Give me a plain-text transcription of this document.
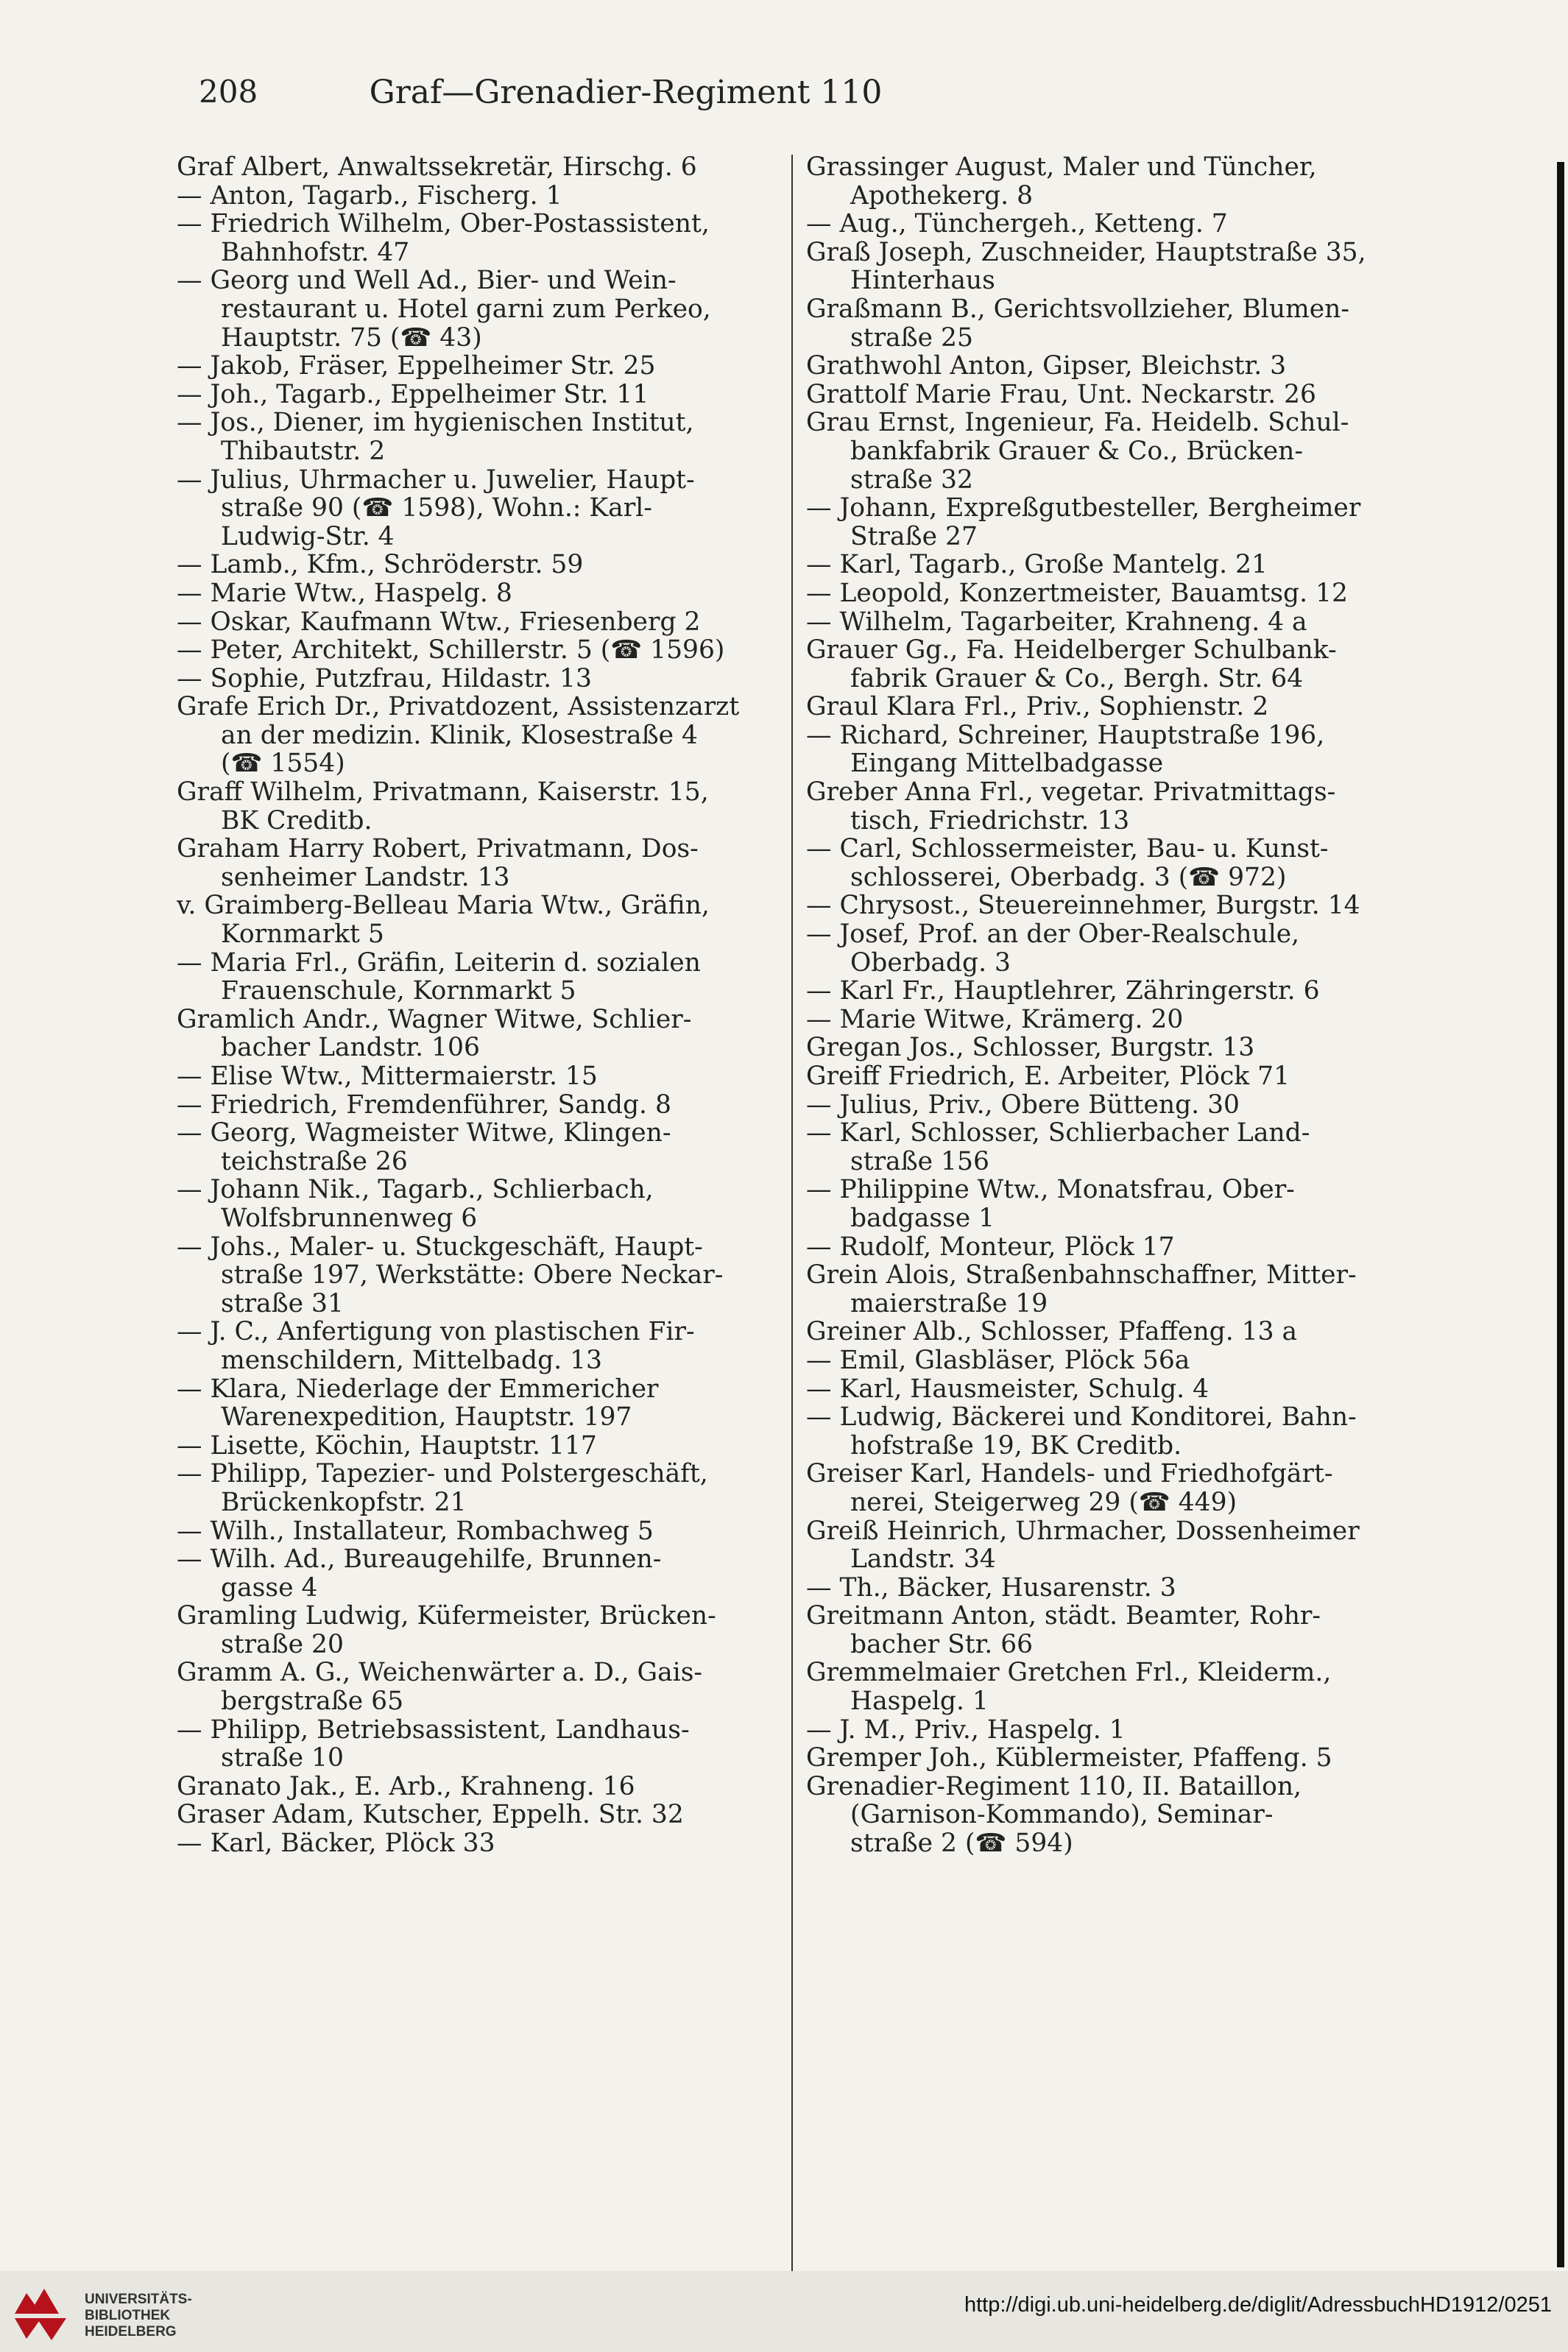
208	Graf—Grenadier-Regiment 110
Graf Albert, Anwaltssekretär, Hirschg. 6
— Anton, Tagarb., Fischerg. 1
— Friedrich Wilhelm, Ober-Postassistent,
Bahnhofstr. 47
— Georg und Well Ad., Bier- und Wein-
restaurant u. Hotel garni zum Perkeo,
Hauptstr. 75 (☎ 43)
— Jakob, Fräser, Eppelheimer Str. 25
— Joh., Tagarb., Eppelheimer Str. 11
— Jos., Diener, im hygienischen Institut,
Thibautstr. 2
— Julius, Uhrmacher u. Juwelier, Haupt-
straße 90 (☎ 1598), Wohn.: Karl-
Ludwig-Str. 4
— Lamb., Kfm., Schröderstr. 59
— Marie Wtw., Haspelg. 8
— Oskar, Kaufmann Wtw., Friesenberg 2
— Peter, Architekt, Schillerstr. 5 (☎ 1596)
— Sophie, Putzfrau, Hildastr. 13
Grafe Erich Dr., Privatdozent, Assistenzarzt
an der medizin. Klinik, Klosestraße 4
(☎ 1554)
Graff Wilhelm, Privatmann, Kaiserstr. 15,
BK Creditb.
Graham Harry Robert, Privatmann, Dos-
senheimer Landstr. 13
v. Graimberg-Belleau Maria Wtw., Gräfin,
Kornmarkt 5
— Maria Frl., Gräfin, Leiterin d. sozialen
Frauenschule, Kornmarkt 5
Gramlich Andr., Wagner Witwe, Schlier-
bacher Landstr. 106
— Elise Wtw., Mittermaierstr. 15
— Friedrich, Fremdenführer, Sandg. 8
— Georg, Wagmeister Witwe, Klingen-
teichstraße 26
— Johann Nik., Tagarb., Schlierbach,
Wolfsbrunnenweg 6
— Johs., Maler- u. Stuckgeschäft, Haupt-
straße 197, Werkstätte: Obere Neckar-
straße 31
— J. C., Anfertigung von plastischen Fir-
menschildern, Mittelbadg. 13
— Klara, Niederlage der Emmericher
Warenexpedition, Hauptstr. 197
— Lisette, Köchin, Hauptstr. 117
— Philipp, Tapezier- und Polstergeschäft,
Brückenkopfstr. 21
— Wilh., Installateur, Rombachweg 5
— Wilh. Ad., Bureaugehilfe, Brunnen-
gasse 4
Gramling Ludwig, Küfermeister, Brücken-
straße 20
Gramm A. G., Weichenwärter a. D., Gais-
bergstraße 65
— Philipp, Betriebsassistent, Landhaus-
straße 10
Granato Jak., E. Arb., Krahneng. 16
Graser Adam, Kutscher, Eppelh. Str. 32
— Karl, Bäcker, Plöck 33
Grassinger August, Maler und Tüncher,
Apothekerg. 8
— Aug., Tünchergeh., Ketteng. 7
Graß Joseph, Zuschneider, Hauptstraße 35,
Hinterhaus
Graßmann B., Gerichtsvollzieher, Blumen-
straße 25
Grathwohl Anton, Gipser, Bleichstr. 3
Grattolf Marie Frau, Unt. Neckarstr. 26
Grau Ernst, Ingenieur, Fa. Heidelb. Schul-
bankfabrik Grauer & Co., Brücken-
straße 32
— Johann, Expreßgutbesteller, Bergheimer
Straße 27
— Karl, Tagarb., Große Mantelg. 21
— Leopold, Konzertmeister, Bauamtsg. 12
— Wilhelm, Tagarbeiter, Krahneng. 4 a
Grauer Gg., Fa. Heidelberger Schulbank-
fabrik Grauer & Co., Bergh. Str. 64
Graul Klara Frl., Priv., Sophienstr. 2
— Richard, Schreiner, Hauptstraße 196,
Eingang Mittelbadgasse
Greber Anna Frl., vegetar. Privatmittags-
tisch, Friedrichstr. 13
— Carl, Schlossermeister, Bau- u. Kunst-
schlosserei, Oberbadg. 3 (☎ 972)
— Chrysost., Steuereinnehmer, Burgstr. 14
— Josef, Prof. an der Ober-Realschule,
Oberbadg. 3
— Karl Fr., Hauptlehrer, Zähringerstr. 6
— Marie Witwe, Krämerg. 20
Gregan Jos., Schlosser, Burgstr. 13
Greiff Friedrich, E. Arbeiter, Plöck 71
— Julius, Priv., Obere Bütteng. 30
— Karl, Schlosser, Schlierbacher Land-
straße 156
— Philippine Wtw., Monatsfrau, Ober-
badgasse 1
— Rudolf, Monteur, Plöck 17
Grein Alois, Straßenbahnschaffner, Mitter-
maierstraße 19
Greiner Alb., Schlosser, Pfaffeng. 13 a
— Emil, Glasbläser, Plöck 56a
— Karl, Hausmeister, Schulg. 4
— Ludwig, Bäckerei und Konditorei, Bahn-
hofstraße 19, BK Creditb.
Greiser Karl, Handels- und Friedhofgärt-
nerei, Steigerweg 29 (☎ 449)
Greiß Heinrich, Uhrmacher, Dossenheimer
Landstr. 34
— Th., Bäcker, Husarenstr. 3
Greitmann Anton, städt. Beamter, Rohr-
bacher Str. 66
Gremmelmaier Gretchen Frl., Kleiderm.,
Haspelg. 1
— J. M., Priv., Haspelg. 1
Gremper Joh., Küblermeister, Pfaffeng. 5
Grenadier-Regiment 110, II. Bataillon,
(Garnison-Kommando), Seminar-
straße 2 (☎ 594)
UNIVERSITÄTS-
BIBLIOTHEK
HEIDELBERG
http://digi.ub.uni-heidelberg.de/diglit/AdressbuchHD1912/0251
